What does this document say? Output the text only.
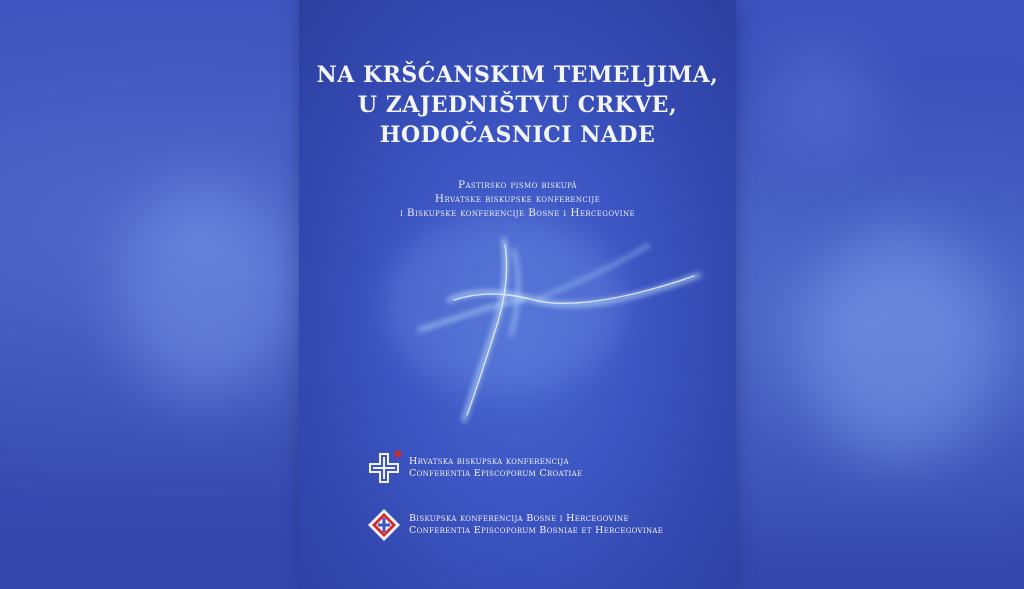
NA KRŠĆANSKIM TEMELJIMA,
U ZAJEDNIŠTVU CRKVE,
HODOČASNICI NADE
Pastirsko pismo biskupâ
Hrvatske biskupske konferencije
i Biskupske konferencije Bosne i Hercegovine
Hrvatska biskupska konferencija
Conferentia Episcoporum Croatiae
Biskupska konferencija Bosne i Hercegovine
Conferentia Episcoporum Bosniae et Hercegovinae
